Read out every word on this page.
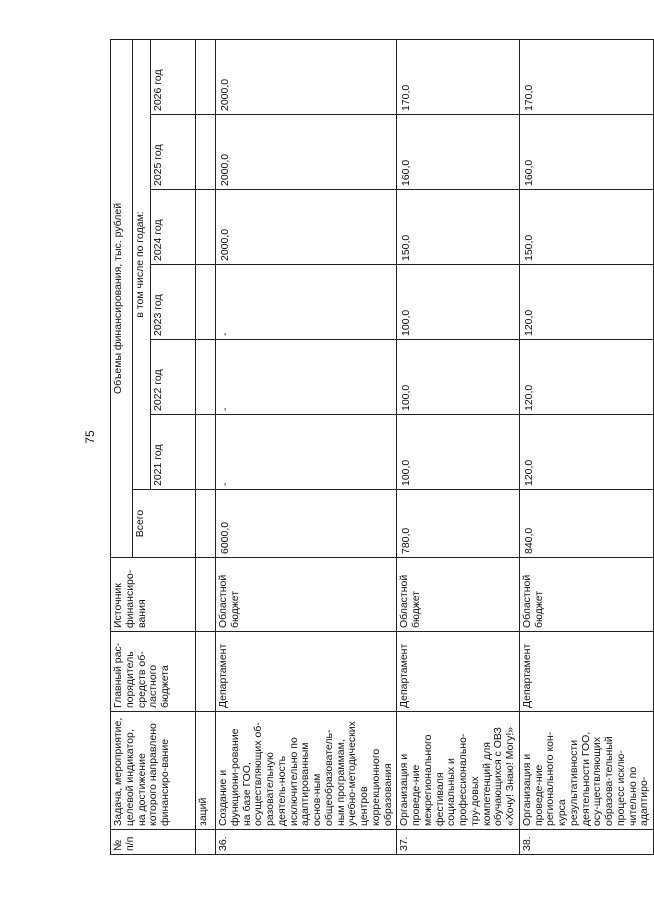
75
№ п/п	Задача, мероприятие, целевой индикатор, на достижение которого направлено финансиро-вание	Главный рас-порядитель средств об-ластного бюджета	Источник финансиро-вания	Объемы финансирования, тыс. рублей						
				Всего	в том числе по годам:					
					2021 год	2022 год	2023 год	2024 год	2025 год	2026 год
	заций									
36.	Создание и функциони-рование на базе ГОО, осуществляющих об-разовательную деятель-ность исключительно по адаптированным основ-ным общеобразователь-ным программам, учебно-методических центров коррекционного образования	Департамент	Областной бюджет	6000,0	-	-	-	2000,0	2000,0	2000,0
37.	Организация и проведе-ние межрегионального фестиваля социальных и профессионально-тру-довых компетенций для обучающихся с ОВЗ «Хочу! Знаю! Могу!»	Департамент	Областной бюджет	780,0	100,0	100,0	100,0	150,0	160,0	170,0
38.	Организация и проведе-ние регионального кон-курса результативности деятельности ГОО, осу-ществляющих образова-тельный процесс исклю-чительно по адаптиро-	Департамент	Областной бюджет	840,0	120,0	120,0	120,0	150,0	160,0	170,0
